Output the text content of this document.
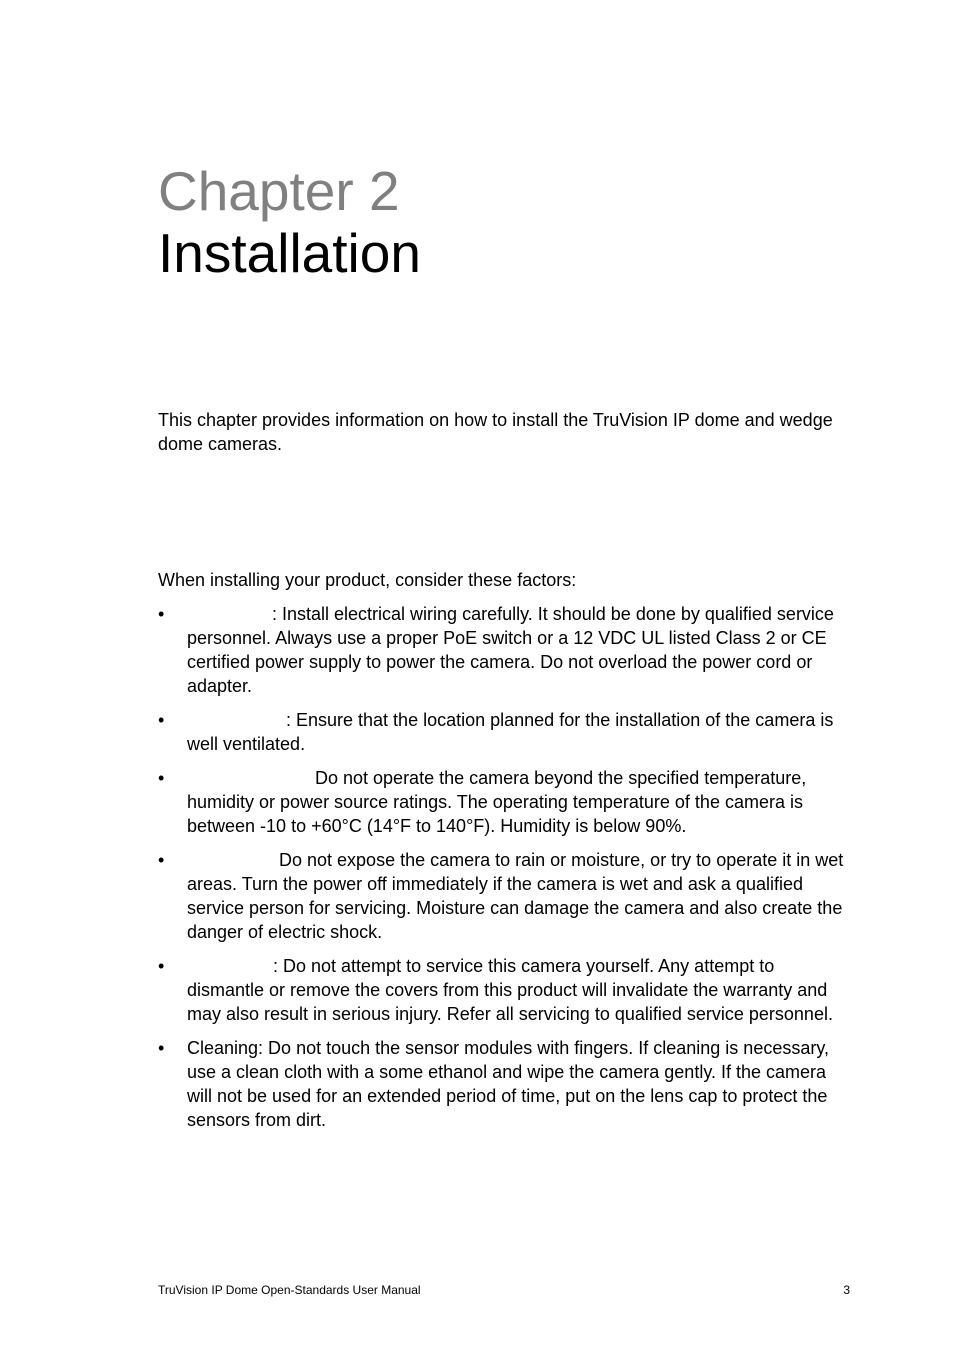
Chapter 2
Installation

This chapter provides information on how to install the TruVision IP dome and wedge dome cameras.

When installing your product, consider these factors:

•	: Install electrical wiring carefully. It should be done by qualified service personnel. Always use a proper PoE switch or a 12 VDC UL listed Class 2 or CE certified power supply to power the camera. Do not overload the power cord or adapter.
•	: Ensure that the location planned for the installation of the camera is well ventilated.
•	Do not operate the camera beyond the specified temperature, humidity or power source ratings. The operating temperature of the camera is between -10 to +60°C (14°F to 140°F). Humidity is below 90%.
•	Do not expose the camera to rain or moisture, or try to operate it in wet areas. Turn the power off immediately if the camera is wet and ask a qualified service person for servicing. Moisture can damage the camera and also create the danger of electric shock.
•	: Do not attempt to service this camera yourself. Any attempt to dismantle or remove the covers from this product will invalidate the warranty and may also result in serious injury. Refer all servicing to qualified service personnel.
• Cleaning: Do not touch the sensor modules with fingers. If cleaning is necessary, use a clean cloth with a some ethanol and wipe the camera gently. If the camera will not be used for an extended period of time, put on the lens cap to protect the sensors from dirt.

TruVision IP Dome Open-Standards User Manual	3
